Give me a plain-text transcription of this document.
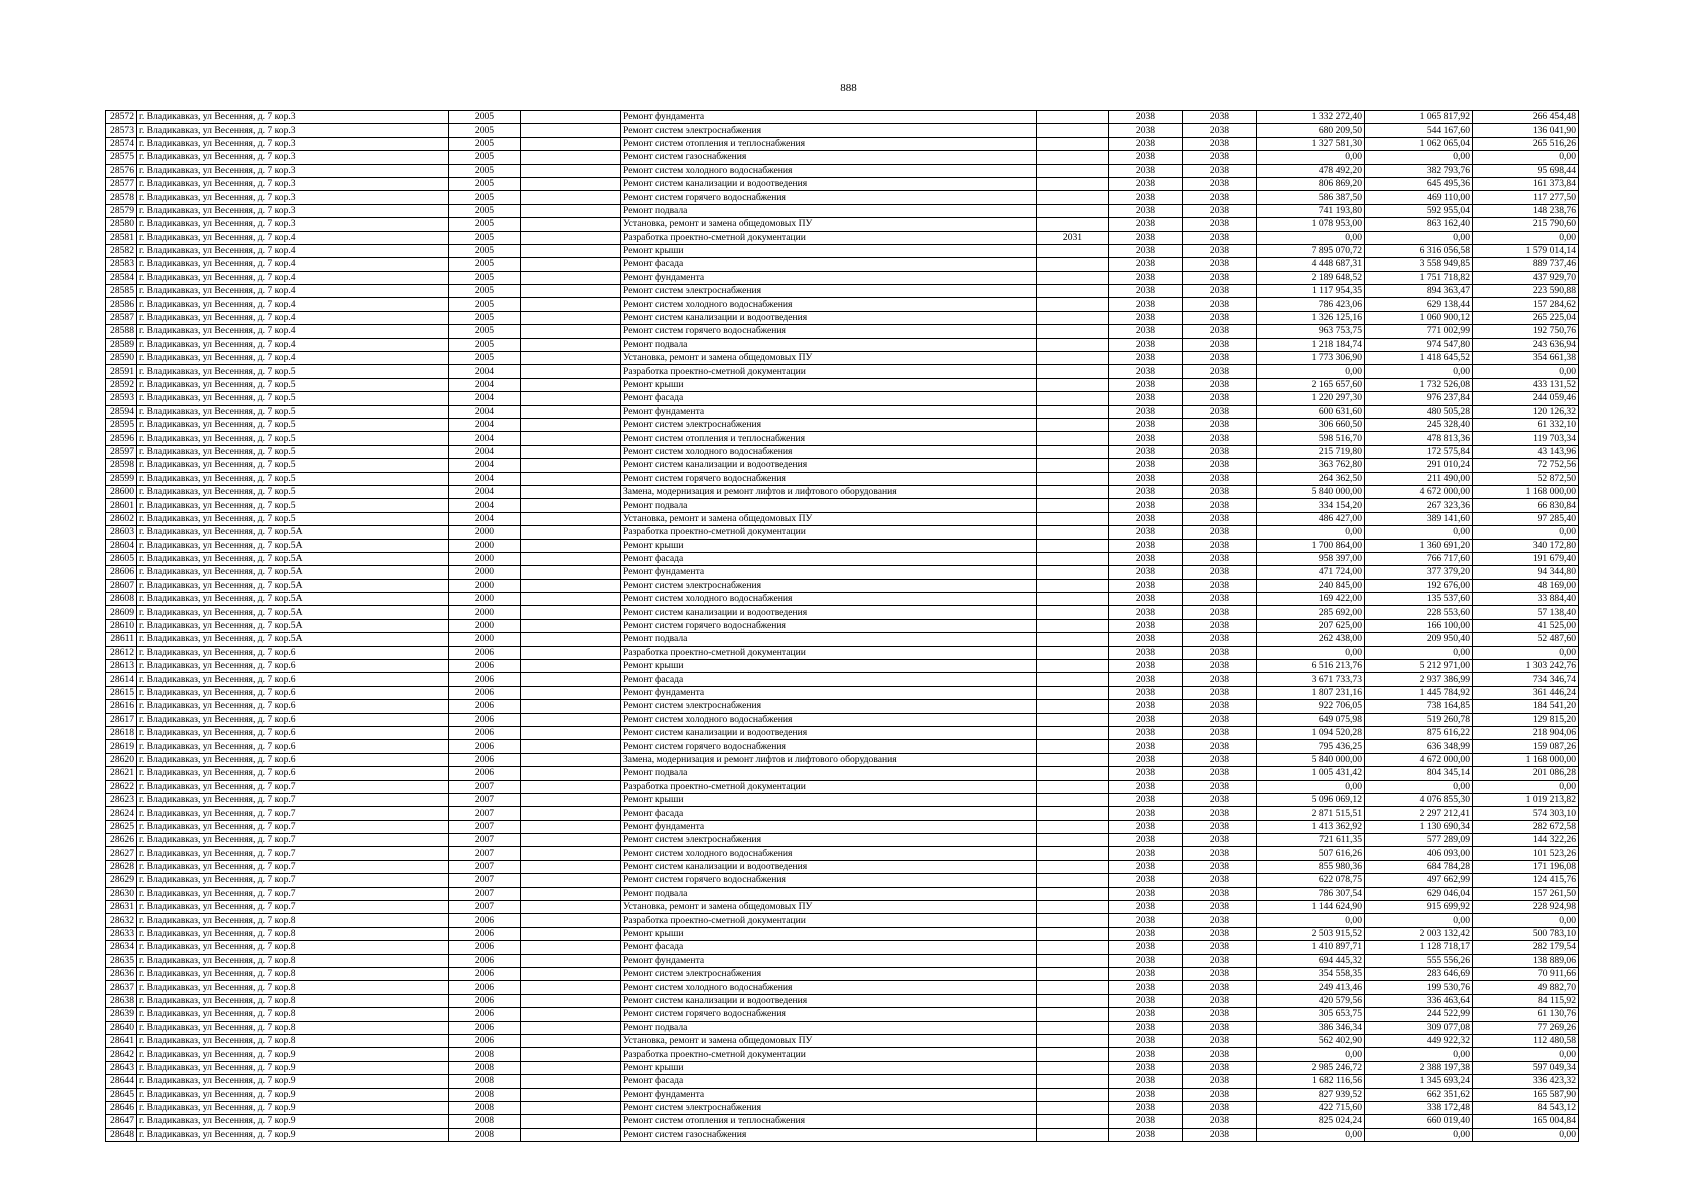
888
28572	г. Владикавказ, ул Весенняя, д. 7 кор.3	2005		Ремонт фундамента		2038	2038	1 332 272,40	1 065 817,92	266 454,48
28573	г. Владикавказ, ул Весенняя, д. 7 кор.3	2005		Ремонт систем электроснабжения		2038	2038	680 209,50	544 167,60	136 041,90
28574	г. Владикавказ, ул Весенняя, д. 7 кор.3	2005		Ремонт систем отопления и теплоснабжения		2038	2038	1 327 581,30	1 062 065,04	265 516,26
28575	г. Владикавказ, ул Весенняя, д. 7 кор.3	2005		Ремонт систем газоснабжения		2038	2038	0,00	0,00	0,00
28576	г. Владикавказ, ул Весенняя, д. 7 кор.3	2005		Ремонт систем холодного водоснабжения		2038	2038	478 492,20	382 793,76	95 698,44
28577	г. Владикавказ, ул Весенняя, д. 7 кор.3	2005		Ремонт систем канализации и водоотведения		2038	2038	806 869,20	645 495,36	161 373,84
28578	г. Владикавказ, ул Весенняя, д. 7 кор.3	2005		Ремонт систем горячего водоснабжения		2038	2038	586 387,50	469 110,00	117 277,50
28579	г. Владикавказ, ул Весенняя, д. 7 кор.3	2005		Ремонт подвала		2038	2038	741 193,80	592 955,04	148 238,76
28580	г. Владикавказ, ул Весенняя, д. 7 кор.3	2005		Установка, ремонт и замена общедомовых ПУ		2038	2038	1 078 953,00	863 162,40	215 790,60
28581	г. Владикавказ, ул Весенняя, д. 7 кор.4	2005		Разработка проектно-сметной документации	2031	2038	2038	0,00	0,00	0,00
28582	г. Владикавказ, ул Весенняя, д. 7 кор.4	2005		Ремонт крыши		2038	2038	7 895 070,72	6 316 056,58	1 579 014,14
28583	г. Владикавказ, ул Весенняя, д. 7 кор.4	2005		Ремонт фасада		2038	2038	4 448 687,31	3 558 949,85	889 737,46
28584	г. Владикавказ, ул Весенняя, д. 7 кор.4	2005		Ремонт фундамента		2038	2038	2 189 648,52	1 751 718,82	437 929,70
28585	г. Владикавказ, ул Весенняя, д. 7 кор.4	2005		Ремонт систем электроснабжения		2038	2038	1 117 954,35	894 363,47	223 590,88
28586	г. Владикавказ, ул Весенняя, д. 7 кор.4	2005		Ремонт систем холодного водоснабжения		2038	2038	786 423,06	629 138,44	157 284,62
28587	г. Владикавказ, ул Весенняя, д. 7 кор.4	2005		Ремонт систем канализации и водоотведения		2038	2038	1 326 125,16	1 060 900,12	265 225,04
28588	г. Владикавказ, ул Весенняя, д. 7 кор.4	2005		Ремонт систем горячего водоснабжения		2038	2038	963 753,75	771 002,99	192 750,76
28589	г. Владикавказ, ул Весенняя, д. 7 кор.4	2005		Ремонт подвала		2038	2038	1 218 184,74	974 547,80	243 636,94
28590	г. Владикавказ, ул Весенняя, д. 7 кор.4	2005		Установка, ремонт и замена общедомовых ПУ		2038	2038	1 773 306,90	1 418 645,52	354 661,38
28591	г. Владикавказ, ул Весенняя, д. 7 кор.5	2004		Разработка проектно-сметной документации		2038	2038	0,00	0,00	0,00
28592	г. Владикавказ, ул Весенняя, д. 7 кор.5	2004		Ремонт крыши		2038	2038	2 165 657,60	1 732 526,08	433 131,52
28593	г. Владикавказ, ул Весенняя, д. 7 кор.5	2004		Ремонт фасада		2038	2038	1 220 297,30	976 237,84	244 059,46
28594	г. Владикавказ, ул Весенняя, д. 7 кор.5	2004		Ремонт фундамента		2038	2038	600 631,60	480 505,28	120 126,32
28595	г. Владикавказ, ул Весенняя, д. 7 кор.5	2004		Ремонт систем электроснабжения		2038	2038	306 660,50	245 328,40	61 332,10
28596	г. Владикавказ, ул Весенняя, д. 7 кор.5	2004		Ремонт систем отопления и теплоснабжения		2038	2038	598 516,70	478 813,36	119 703,34
28597	г. Владикавказ, ул Весенняя, д. 7 кор.5	2004		Ремонт систем холодного водоснабжения		2038	2038	215 719,80	172 575,84	43 143,96
28598	г. Владикавказ, ул Весенняя, д. 7 кор.5	2004		Ремонт систем канализации и водоотведения		2038	2038	363 762,80	291 010,24	72 752,56
28599	г. Владикавказ, ул Весенняя, д. 7 кор.5	2004		Ремонт систем горячего водоснабжения		2038	2038	264 362,50	211 490,00	52 872,50
28600	г. Владикавказ, ул Весенняя, д. 7 кор.5	2004		Замена, модернизация и ремонт лифтов и лифтового оборудования		2038	2038	5 840 000,00	4 672 000,00	1 168 000,00
28601	г. Владикавказ, ул Весенняя, д. 7 кор.5	2004		Ремонт подвала		2038	2038	334 154,20	267 323,36	66 830,84
28602	г. Владикавказ, ул Весенняя, д. 7 кор.5	2004		Установка, ремонт и замена общедомовых ПУ		2038	2038	486 427,00	389 141,60	97 285,40
28603	г. Владикавказ, ул Весенняя, д. 7 кор.5А	2000		Разработка проектно-сметной документации		2038	2038	0,00	0,00	0,00
28604	г. Владикавказ, ул Весенняя, д. 7 кор.5А	2000		Ремонт крыши		2038	2038	1 700 864,00	1 360 691,20	340 172,80
28605	г. Владикавказ, ул Весенняя, д. 7 кор.5А	2000		Ремонт фасада		2038	2038	958 397,00	766 717,60	191 679,40
28606	г. Владикавказ, ул Весенняя, д. 7 кор.5А	2000		Ремонт фундамента		2038	2038	471 724,00	377 379,20	94 344,80
28607	г. Владикавказ, ул Весенняя, д. 7 кор.5А	2000		Ремонт систем электроснабжения		2038	2038	240 845,00	192 676,00	48 169,00
28608	г. Владикавказ, ул Весенняя, д. 7 кор.5А	2000		Ремонт систем холодного водоснабжения		2038	2038	169 422,00	135 537,60	33 884,40
28609	г. Владикавказ, ул Весенняя, д. 7 кор.5А	2000		Ремонт систем канализации и водоотведения		2038	2038	285 692,00	228 553,60	57 138,40
28610	г. Владикавказ, ул Весенняя, д. 7 кор.5А	2000		Ремонт систем горячего водоснабжения		2038	2038	207 625,00	166 100,00	41 525,00
28611	г. Владикавказ, ул Весенняя, д. 7 кор.5А	2000		Ремонт подвала		2038	2038	262 438,00	209 950,40	52 487,60
28612	г. Владикавказ, ул Весенняя, д. 7 кор.6	2006		Разработка проектно-сметной документации		2038	2038	0,00	0,00	0,00
28613	г. Владикавказ, ул Весенняя, д. 7 кор.6	2006		Ремонт крыши		2038	2038	6 516 213,76	5 212 971,00	1 303 242,76
28614	г. Владикавказ, ул Весенняя, д. 7 кор.6	2006		Ремонт фасада		2038	2038	3 671 733,73	2 937 386,99	734 346,74
28615	г. Владикавказ, ул Весенняя, д. 7 кор.6	2006		Ремонт фундамента		2038	2038	1 807 231,16	1 445 784,92	361 446,24
28616	г. Владикавказ, ул Весенняя, д. 7 кор.6	2006		Ремонт систем электроснабжения		2038	2038	922 706,05	738 164,85	184 541,20
28617	г. Владикавказ, ул Весенняя, д. 7 кор.6	2006		Ремонт систем холодного водоснабжения		2038	2038	649 075,98	519 260,78	129 815,20
28618	г. Владикавказ, ул Весенняя, д. 7 кор.6	2006		Ремонт систем канализации и водоотведения		2038	2038	1 094 520,28	875 616,22	218 904,06
28619	г. Владикавказ, ул Весенняя, д. 7 кор.6	2006		Ремонт систем горячего водоснабжения		2038	2038	795 436,25	636 348,99	159 087,26
28620	г. Владикавказ, ул Весенняя, д. 7 кор.6	2006		Замена, модернизация и ремонт лифтов и лифтового оборудования		2038	2038	5 840 000,00	4 672 000,00	1 168 000,00
28621	г. Владикавказ, ул Весенняя, д. 7 кор.6	2006		Ремонт подвала		2038	2038	1 005 431,42	804 345,14	201 086,28
28622	г. Владикавказ, ул Весенняя, д. 7 кор.7	2007		Разработка проектно-сметной документации		2038	2038	0,00	0,00	0,00
28623	г. Владикавказ, ул Весенняя, д. 7 кор.7	2007		Ремонт крыши		2038	2038	5 096 069,12	4 076 855,30	1 019 213,82
28624	г. Владикавказ, ул Весенняя, д. 7 кор.7	2007		Ремонт фасада		2038	2038	2 871 515,51	2 297 212,41	574 303,10
28625	г. Владикавказ, ул Весенняя, д. 7 кор.7	2007		Ремонт фундамента		2038	2038	1 413 362,92	1 130 690,34	282 672,58
28626	г. Владикавказ, ул Весенняя, д. 7 кор.7	2007		Ремонт систем электроснабжения		2038	2038	721 611,35	577 289,09	144 322,26
28627	г. Владикавказ, ул Весенняя, д. 7 кор.7	2007		Ремонт систем холодного водоснабжения		2038	2038	507 616,26	406 093,00	101 523,26
28628	г. Владикавказ, ул Весенняя, д. 7 кор.7	2007		Ремонт систем канализации и водоотведения		2038	2038	855 980,36	684 784,28	171 196,08
28629	г. Владикавказ, ул Весенняя, д. 7 кор.7	2007		Ремонт систем горячего водоснабжения		2038	2038	622 078,75	497 662,99	124 415,76
28630	г. Владикавказ, ул Весенняя, д. 7 кор.7	2007		Ремонт подвала		2038	2038	786 307,54	629 046,04	157 261,50
28631	г. Владикавказ, ул Весенняя, д. 7 кор.7	2007		Установка, ремонт и замена общедомовых ПУ		2038	2038	1 144 624,90	915 699,92	228 924,98
28632	г. Владикавказ, ул Весенняя, д. 7 кор.8	2006		Разработка проектно-сметной документации		2038	2038	0,00	0,00	0,00
28633	г. Владикавказ, ул Весенняя, д. 7 кор.8	2006		Ремонт крыши		2038	2038	2 503 915,52	2 003 132,42	500 783,10
28634	г. Владикавказ, ул Весенняя, д. 7 кор.8	2006		Ремонт фасада		2038	2038	1 410 897,71	1 128 718,17	282 179,54
28635	г. Владикавказ, ул Весенняя, д. 7 кор.8	2006		Ремонт фундамента		2038	2038	694 445,32	555 556,26	138 889,06
28636	г. Владикавказ, ул Весенняя, д. 7 кор.8	2006		Ремонт систем электроснабжения		2038	2038	354 558,35	283 646,69	70 911,66
28637	г. Владикавказ, ул Весенняя, д. 7 кор.8	2006		Ремонт систем холодного водоснабжения		2038	2038	249 413,46	199 530,76	49 882,70
28638	г. Владикавказ, ул Весенняя, д. 7 кор.8	2006		Ремонт систем канализации и водоотведения		2038	2038	420 579,56	336 463,64	84 115,92
28639	г. Владикавказ, ул Весенняя, д. 7 кор.8	2006		Ремонт систем горячего водоснабжения		2038	2038	305 653,75	244 522,99	61 130,76
28640	г. Владикавказ, ул Весенняя, д. 7 кор.8	2006		Ремонт подвала		2038	2038	386 346,34	309 077,08	77 269,26
28641	г. Владикавказ, ул Весенняя, д. 7 кор.8	2006		Установка, ремонт и замена общедомовых ПУ		2038	2038	562 402,90	449 922,32	112 480,58
28642	г. Владикавказ, ул Весенняя, д. 7 кор.9	2008		Разработка проектно-сметной документации		2038	2038	0,00	0,00	0,00
28643	г. Владикавказ, ул Весенняя, д. 7 кор.9	2008		Ремонт крыши		2038	2038	2 985 246,72	2 388 197,38	597 049,34
28644	г. Владикавказ, ул Весенняя, д. 7 кор.9	2008		Ремонт фасада		2038	2038	1 682 116,56	1 345 693,24	336 423,32
28645	г. Владикавказ, ул Весенняя, д. 7 кор.9	2008		Ремонт фундамента		2038	2038	827 939,52	662 351,62	165 587,90
28646	г. Владикавказ, ул Весенняя, д. 7 кор.9	2008		Ремонт систем электроснабжения		2038	2038	422 715,60	338 172,48	84 543,12
28647	г. Владикавказ, ул Весенняя, д. 7 кор.9	2008		Ремонт систем отопления и теплоснабжения		2038	2038	825 024,24	660 019,40	165 004,84
28648	г. Владикавказ, ул Весенняя, д. 7 кор.9	2008		Ремонт систем газоснабжения		2038	2038	0,00	0,00	0,00
